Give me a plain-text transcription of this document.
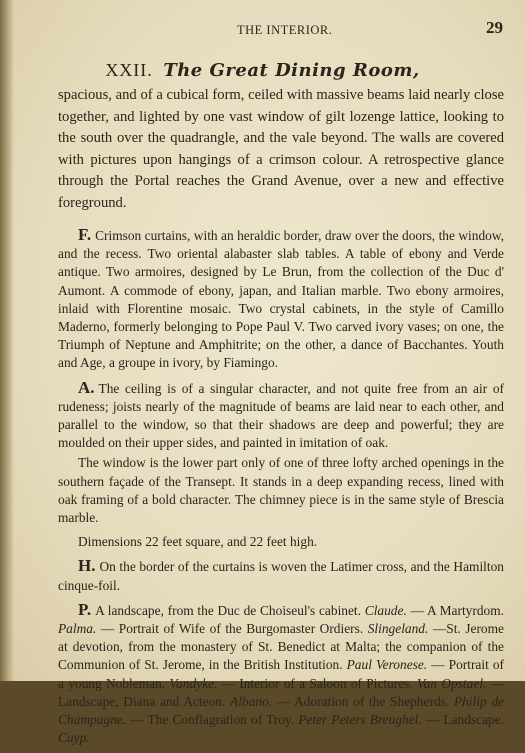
THE INTERIOR.	29
XXII. The Great Dining Room,

spacious, and of a cubical form, ceiled with massive beams laid nearly close together, and lighted by one vast window of gilt lozenge lattice, looking to the south over the quadrangle, and the vale beyond. The walls are covered with pictures upon hangings of a crimson colour. A retrospective glance through the Portal reaches the Grand Avenue, over a new and effective foreground.

F. Crimson curtains, with an heraldic border, draw over the doors, the window, and the recess. Two oriental alabaster slab tables. A table of ebony and Verde antique. Two armoires, designed by Le Brun, from the collection of the Duc d' Aumont. A commode of ebony, japan, and Italian marble. Two ebony armoires, inlaid with Florentine mosaic. Two crystal cabinets, in the style of Camillo Maderno, formerly belonging to Pope Paul V. Two carved ivory vases; on one, the Triumph of Neptune and Amphitrite; on the other, a dance of Bacchantes. Youth and Age, a groupe in ivory, by Fiamingo.

A. The ceiling is of a singular character, and not quite free from an air of rudeness; joists nearly of the magnitude of beams are laid near to each other, and parallel to the window, so that their shadows are deep and powerful; they are moulded on their upper sides, and painted in imitation of oak.

The window is the lower part only of one of three lofty arched openings in the southern façade of the Transept. It stands in a deep expanding recess, lined with oak framing of a bold character. The chimney piece is in the same style of Brescia marble.

Dimensions 22 feet square, and 22 feet high.

H. On the border of the curtains is woven the Latimer cross, and the Hamilton cinque-foil.

P. A landscape, from the Duc de Choiseul's cabinet. Claude. — A Martyrdom. Palma. — Portrait of Wife of the Burgomaster Ordiers. Slingeland. —St. Jerome at devotion, from the monastery of St. Benedict at Malta; the companion of the Communion of St. Jerome, in the British Institution. Paul Veronese. — Portrait of a young Nobleman. Vandyke. — Interior of a Saloon of Pictures. Van Opstael. — Landscape, Diana and Acteon. Albano. — Adoration of the Shepherds. Philip de Champagne. — The Conflagration of Troy. Peter Peters Breughel. — Landscape. Cuyp.
